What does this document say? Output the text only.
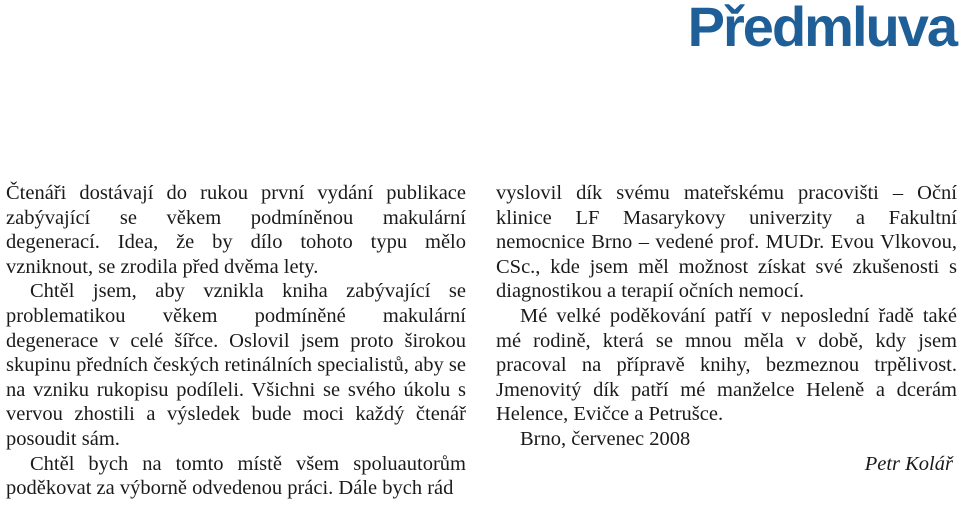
Předmluva

Čtenáři dostávají do rukou první vydání publikace zabývající se věkem podmíněnou makulární degenerací. Idea, že by dílo tohoto typu mělo vzniknout, se zrodila před dvěma lety.

Chtěl jsem, aby vznikla kniha zabývající se problematikou věkem podmíněné makulární degenerace v celé šířce. Oslovil jsem proto širokou skupinu předních českých retinálních specialistů, aby se na vzniku rukopisu podíleli. Všichni se svého úkolu s vervou zhostili a výsledek bude moci každý čtenář posoudit sám.

Chtěl bych na tomto místě všem spoluautorům poděkovat za výborně odvedenou práci. Dále bych rád

vyslovil dík svému mateřskému pracovišti – Oční klinice LF Masarykovy univerzity a Fakultní nemocnice Brno – vedené prof. MUDr. Evou Vlkovou, CSc., kde jsem měl možnost získat své zkušenosti s diagnostikou a terapií očních nemocí.

Mé velké poděkování patří v neposlední řadě také mé rodině, která se mnou měla v době, kdy jsem pracoval na přípravě knihy, bezmeznou trpělivost. Jmenovitý dík patří mé manželce Heleně a dcerám Helence, Evičce a Petrušce.

Brno, červenec 2008

Petr Kolář
